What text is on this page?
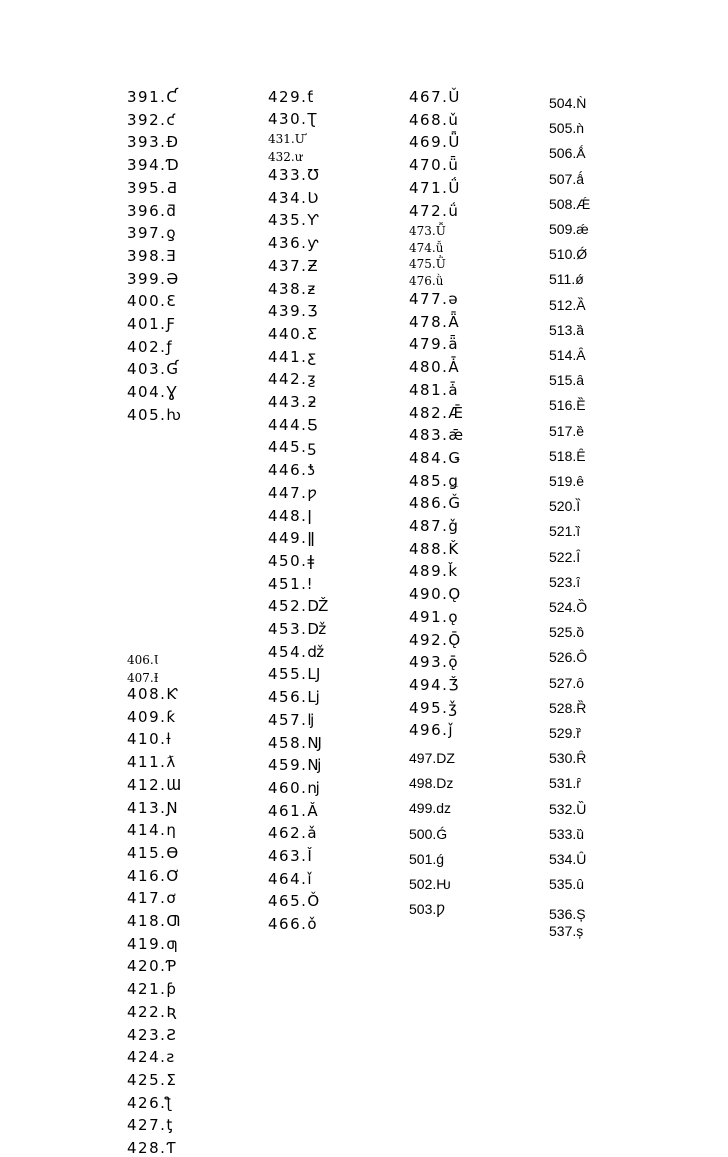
391.Ƈ
392.ƈ
393.Đ
394.Ɗ
395.Ƌ
396.ƌ
397.ƍ
398.Ǝ
399.Ə
400.Ɛ
401.Ƒ
402.ƒ
403.Ɠ
404.Ɣ
405.ƕ
406.Ɩ
407.Ɨ
408.Ƙ
409.ƙ
410.ƚ
411.ƛ
412.Ɯ
413.Ɲ
414.ƞ
415.Ɵ
416.Ơ
417.ơ
418.Ƣ
419.ƣ
420.Ƥ
421.ƥ
422.Ʀ
423.Ƨ
424.ƨ
425.Ʃ
426.ƪ
427.ƫ
428.Ƭ
429.ƭ
430.Ʈ
431.Ư
432.ư
433.Ʊ
434.Ʋ
435.Ƴ
436.ƴ
437.Ƶ
438.ƶ
439.Ʒ
440.Ƹ
441.ƹ
442.ƺ
443.ƻ
444.Ƽ
445.ƽ
446.ƾ
447.ƿ
448.ǀ
449.ǁ
450.ǂ
451.ǃ
452.Ǆ
453.ǅ
454.ǆ
455.Ǉ
456.ǈ
457.ǉ
458.Ǌ
459.ǋ
460.ǌ
461.Ǎ
462.ǎ
463.Ǐ
464.ǐ
465.Ǒ
466.ǒ
467.Ǔ
468.ǔ
469.Ǖ
470.ǖ
471.Ǘ
472.ǘ
473.Ǚ
474.ǚ
475.Ǜ
476.ǜ
477.ǝ
478.Ǟ
479.ǟ
480.Ǡ
481.ǡ
482.Ǣ
483.ǣ
484.Ǥ
485.ǥ
486.Ǧ
487.ǧ
488.Ǩ
489.ǩ
490.Ǫ
491.ǫ
492.Ǭ
493.ǭ
494.Ǯ
495.ǯ
496.ǰ
497.DZ
498.Dz
499.dz
500.Ǵ
501.ǵ
502.Ƕ
503.Ƿ
504.Ǹ
505.ǹ
506.Ǻ
507.ǻ
508.Ǽ
509.ǽ
510.Ǿ
511.ǿ
512.Ȁ
513.ȁ
514.Ȃ
515.ȃ
516.Ȅ
517.ȅ
518.Ȇ
519.ȇ
520.Ȉ
521.ȉ
522.Ȋ
523.ȋ
524.Ȍ
525.ȍ
526.Ȏ
527.ȏ
528.Ȑ
529.ȑ
530.Ȓ
531.ȓ
532.Ȕ
533.ȕ
534.Ȗ
535.ȗ
536.Ș
537.ș
